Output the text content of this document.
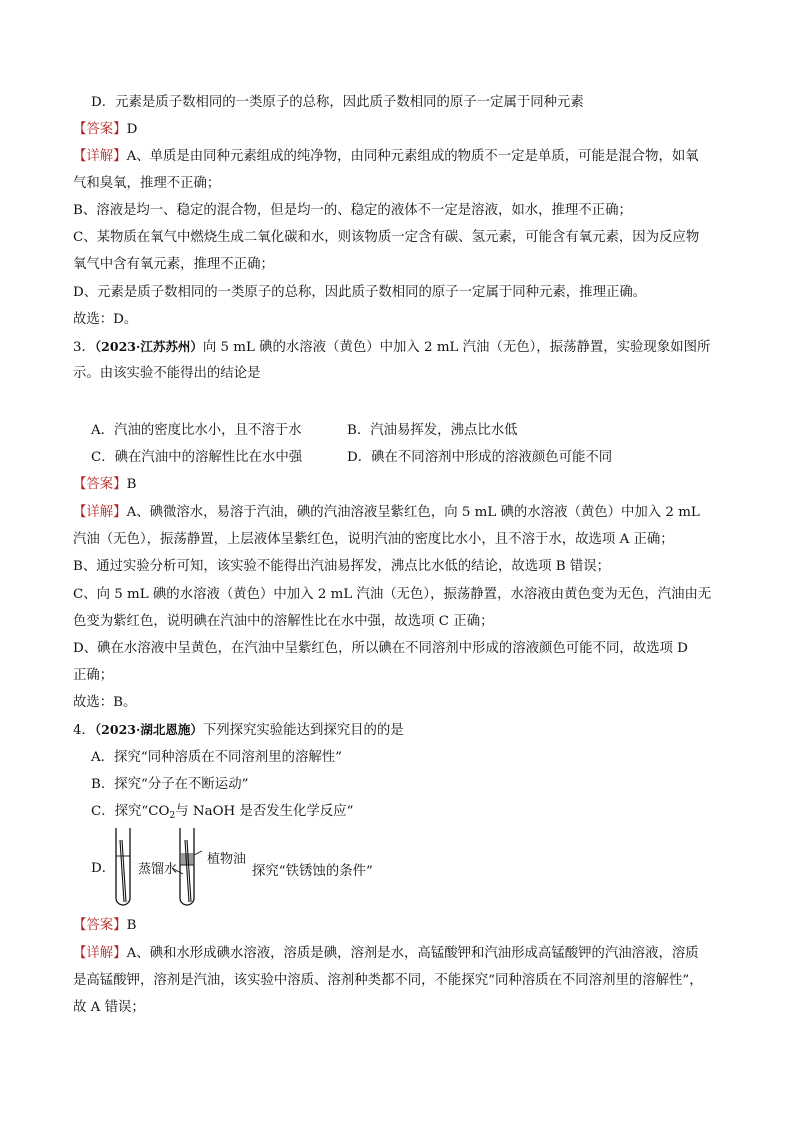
D．元素是质子数相同的一类原子的总称，因此质子数相同的原子一定属于同种元素
【答案】D
【详解】A、单质是由同种元素组成的纯净物，由同种元素组成的物质不一定是单质，可能是混合物，如氧
气和臭氧，推理不正确；
B、溶液是均一、稳定的混合物，但是均一的、稳定的液体不一定是溶液，如水，推理不正确；
C、某物质在氧气中燃烧生成二氧化碳和水，则该物质一定含有碳、氢元素，可能含有氧元素，因为反应物
氧气中含有氧元素，推理不正确；
D、元素是质子数相同的一类原子的总称，因此质子数相同的原子一定属于同种元素，推理正确。
故选：D。
3．（2023·江苏苏州）向 5 mL 碘的水溶液（黄色）中加入 2 mL 汽油（无色），振荡静置，实验现象如图所
示。由该实验不能得出的结论是
A．汽油的密度比水小，且不溶于水	B．汽油易挥发，沸点比水低
C．碘在汽油中的溶解性比在水中强	D．碘在不同溶剂中形成的溶液颜色可能不同
【答案】B
【详解】A、碘微溶水，易溶于汽油，碘的汽油溶液呈紫红色，向 5 mL 碘的水溶液（黄色）中加入 2 mL
汽油（无色），振荡静置，上层液体呈紫红色，说明汽油的密度比水小，且不溶于水，故选项 A 正确；
B、通过实验分析可知，该实验不能得出汽油易挥发，沸点比水低的结论，故选项 B 错误；
C、向 5 mL 碘的水溶液（黄色）中加入 2 mL 汽油（无色），振荡静置，水溶液由黄色变为无色，汽油由无
色变为紫红色，说明碘在汽油中的溶解性比在水中强，故选项 C 正确；
D、碘在水溶液中呈黄色，在汽油中呈紫红色，所以碘在不同溶剂中形成的溶液颜色可能不同，故选项 D
正确；
故选：B。
4．（2023·湖北恩施）下列探究实验能达到探究目的的是
A．探究“同种溶质在不同溶剂里的溶解性”
B．探究“分子在不断运动”
C．探究“$CO_2$与 NaOH 是否发生化学反应”
D． 蒸馏水
植物油
探究“铁锈蚀的条件”
【答案】B
【详解】A、碘和水形成碘水溶液，溶质是碘，溶剂是水，高锰酸钾和汽油形成高锰酸钾的汽油溶液，溶质
是高锰酸钾，溶剂是汽油，该实验中溶质、溶剂种类都不同，不能探究“同种溶质在不同溶剂里的溶解性”，
故 A 错误；
